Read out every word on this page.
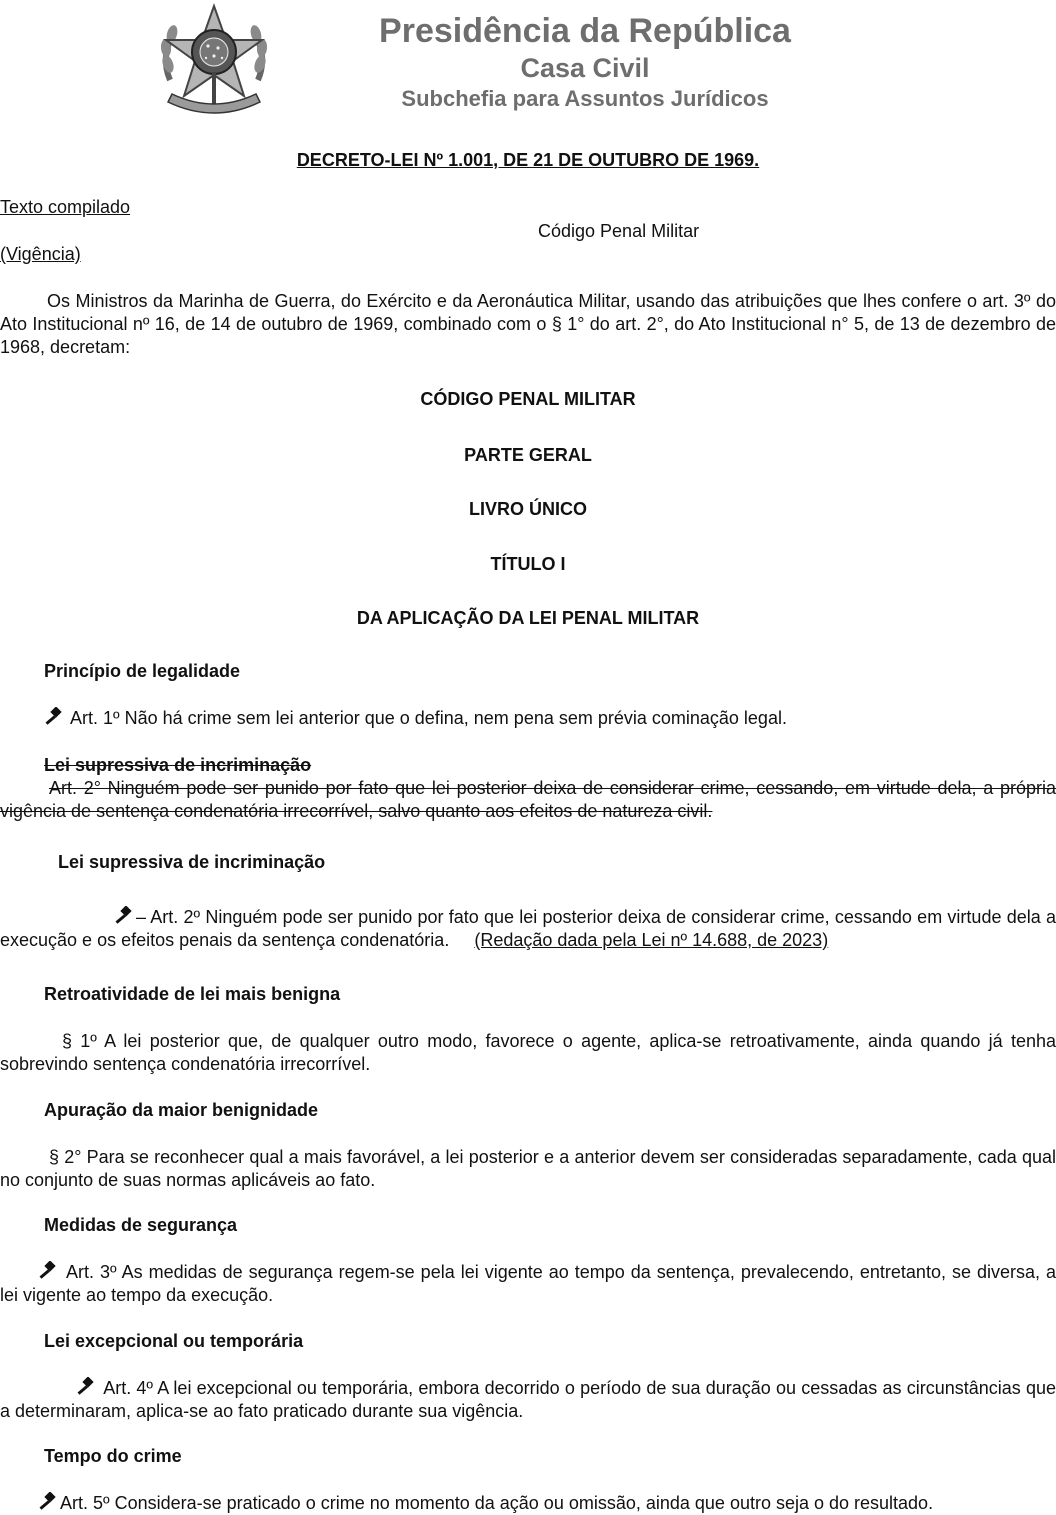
Presidência da República
Casa Civil
Subchefia para Assuntos Jurídicos
DECRETO-LEI Nº 1.001, DE 21 DE OUTUBRO DE 1969.
Texto compilado
(Vigência)
Código Penal Militar

Os Ministros da Marinha de Guerra, do Exército e da Aeronáutica Militar, usando das atribuições que lhes confere o art. 3º do Ato Institucional nº 16, de 14 de outubro de 1969, combinado com o § 1° do art. 2°, do Ato Institucional n° 5, de 13 de dezembro de 1968, decretam:

CÓDIGO PENAL MILITAR
PARTE GERAL
LIVRO ÚNICO
TÍTULO I
DA APLICAÇÃO DA LEI PENAL MILITAR
Princípio de legalidade

Art. 1º Não há crime sem lei anterior que o defina, nem pena sem prévia cominação legal.

Lei supressiva de incriminação

Art. 2° Ninguém pode ser punido por fato que lei posterior deixa de considerar crime, cessando, em virtude dela, a própria vigência de sentença condenatória irrecorrível, salvo quanto aos efeitos de natureza civil.

Lei supressiva de incriminação

– Art. 2º Ninguém pode ser punido por fato que lei posterior deixa de considerar crime, cessando em virtude dela a execução e os efeitos penais da sentença condenatória. (Redação dada pela Lei nº 14.688, de 2023)

Retroatividade de lei mais benigna

§ 1º A lei posterior que, de qualquer outro modo, favorece o agente, aplica-se retroativamente, ainda quando já tenha sobrevindo sentença condenatória irrecorrível.

Apuração da maior benignidade

§ 2° Para se reconhecer qual a mais favorável, a lei posterior e a anterior devem ser consideradas separadamente, cada qual no conjunto de suas normas aplicáveis ao fato.

Medidas de segurança

Art. 3º As medidas de segurança regem-se pela lei vigente ao tempo da sentença, prevalecendo, entretanto, se diversa, a lei vigente ao tempo da execução.

Lei excepcional ou temporária

Art. 4º A lei excepcional ou temporária, embora decorrido o período de sua duração ou cessadas as circunstâncias que a determinaram, aplica-se ao fato praticado durante sua vigência.

Tempo do crime

Art. 5º Considera-se praticado o crime no momento da ação ou omissão, ainda que outro seja o do resultado.
